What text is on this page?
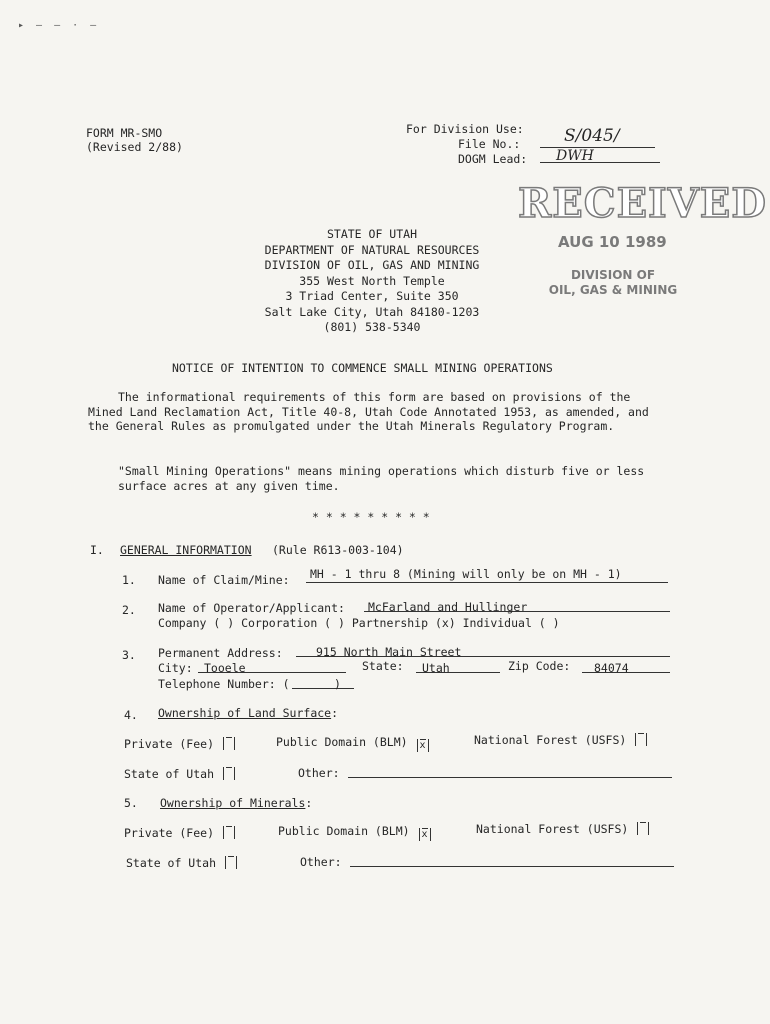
▸ ‒ ‒ · ‒
FORM MR-SMO
(Revised 2/88)
For Division Use:
File No.:	S/045/
DOGM Lead: DWH
RECEIVED
AUG 10 1989
DIVISION OF
OIL, GAS & MINING
STATE OF UTAH
DEPARTMENT OF NATURAL RESOURCES
DIVISION OF OIL, GAS AND MINING
355 West North Temple
3 Triad Center, Suite 350
Salt Lake City, Utah 84180-1203
(801) 538-5340
NOTICE OF INTENTION TO COMMENCE SMALL MINING OPERATIONS
The informational requirements of this form are based on provisions of the Mined Land Reclamation Act, Title 40-8, Utah Code Annotated 1953, as amended, and the General Rules as promulgated under the Utah Minerals Regulatory Program.
"Small Mining Operations" means mining operations which disturb five or less surface acres at any given time.
* * * * * * * * *
I. GENERAL INFORMATION (Rule R613-003-104)
1. Name of Claim/Mine: MH - 1 thru 8 (Mining will only be on MH - 1)
2. Name of Operator/Applicant: McFarland and Hullinger
Company ( ) Corporation ( ) Partnership (x) Individual ( )
3. Permanent Address:	915 North Main Street
City: Tooele	State: Utah	Zip Code: 84074
Telephone Number: (	)
4. Ownership of Land Surface:
Private (Fee)	Public Domain (BLM) x	National Forest (USFS)
State of Utah	Other:
5. Ownership of Minerals:
Private (Fee)	Public Domain (BLM) x	National Forest (USFS)
State of Utah	Other:
